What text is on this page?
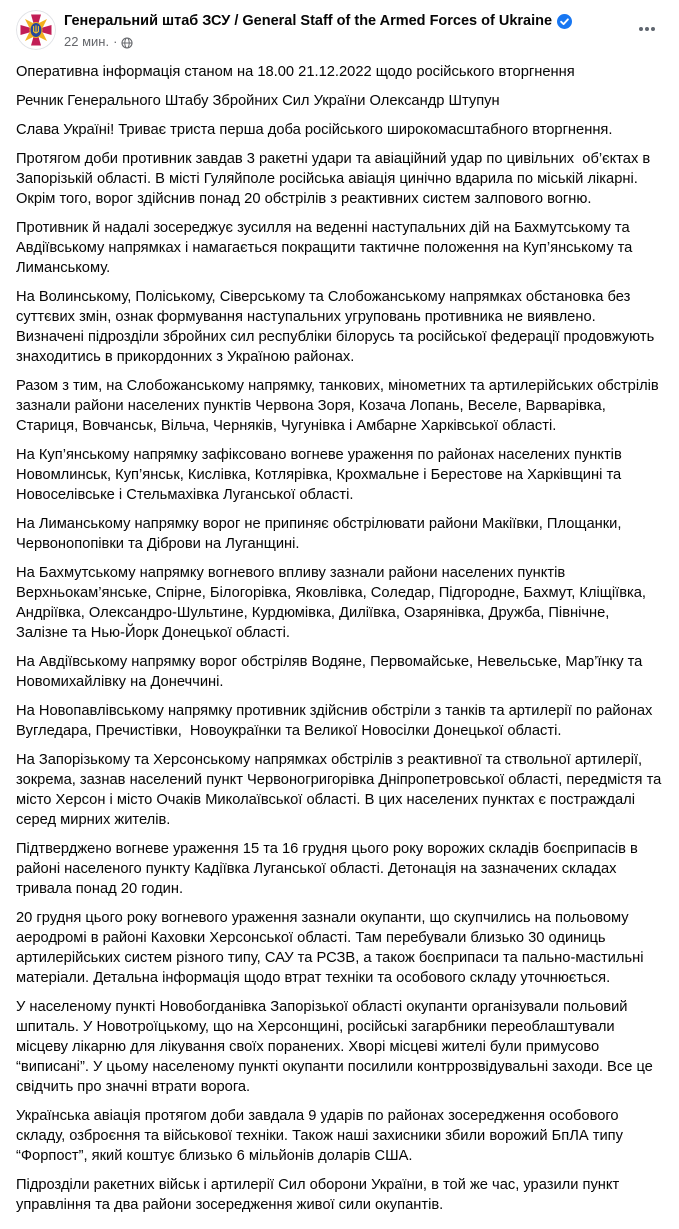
Генеральний штаб ЗСУ / General Staff of the Armed Forces of Ukraine
22 мин. ·

Оперативна інформація станом на 18.00 21.12.2022 щодо російського вторгнення

Речник Генерального Штабу Збройних Сил України Олександр Штупун

Слава Україні! Триває триста перша доба російського широкомасштабного вторгнення.

Протягом доби противник завдав 3 ракетні удари та авіаційний удар по цивільних  об’єктах в Запорізькій області. В місті Гуляйполе російська авіація цинічно вдарила по міській лікарні. Окрім того, ворог здійснив понад 20 обстрілів з реактивних систем залпового вогню.

Противник й надалі зосереджує зусилля на веденні наступальних дій на Бахмутському та Авдіївському напрямках і намагається покращити тактичне положення на Куп’янському та Лиманському.

На Волинському, Поліському, Сіверському та Слобожанському напрямках обстановка без суттєвих змін, ознак формування наступальних угруповань противника не виявлено. Визначені підрозділи збройних сил республіки білорусь та російської федерації продовжують знаходитись в прикордонних з Україною районах.

Разом з тим, на Слобожанському напрямку, танкових, мінометних та артилерійських обстрілів зазнали райони населених пунктів Червона Зоря, Козача Лопань, Веселе, Варварівка, Стариця, Вовчанськ, Вільча, Черняків, Чугунівка і Амбарне Харківської області.

На Куп’янському напрямку зафіксовано вогневе ураження по районах населених пунктів Новомлинськ, Куп’янськ, Кислівка, Котлярівка, Крохмальне і Берестове на Харківщині та Новоселівське і Стельмахівка Луганської області.

На Лиманському напрямку ворог не припиняє обстрілювати райони Макіївки, Площанки, Червонопопівки та Діброви на Луганщині.

На Бахмутському напрямку вогневого впливу зазнали райони населених пунктів Верхньокам’янське, Спірне, Білогорівка, Яковлівка, Соледар, Підгородне, Бахмут, Кліщіївка, Андріївка, Олександро-Шультине, Курдюмівка, Диліївка, Озарянівка, Дружба, Північне, Залізне та Нью-Йорк Донецької області.

На Авдіївському напрямку ворог обстріляв Водяне, Первомайське, Невельське, Мар’їнку та Новомихайлівку на Донеччині.

На Новопавлівському напрямку противник здійснив обстріли з танків та артилерії по районах Вугледара, Пречистівки,  Новоукраїнки та Великої Новосілки Донецької області.

На Запорізькому та Херсонському напрямках обстрілів з реактивної та ствольної артилерії, зокрема, зазнав населений пункт Червоногригорівка Дніпропетровської області, передмістя та місто Херсон і місто Очаків Миколаївської області. В цих населених пунктах є постраждалі серед мирних жителів.

Підтверджено вогневе ураження 15 та 16 грудня цього року ворожих складів боєприпасів в районі населеного пункту Кадіївка Луганської області. Детонація на зазначених складах тривала понад 20 годин.

20 грудня цього року вогневого ураження зазнали окупанти, що скупчились на польовому аеродромі в районі Каховки Херсонської області. Там перебували близько 30 одиниць артилерійських систем різного типу, САУ та РСЗВ, а також боєприпаси та пально-мастильні матеріали. Детальна інформація щодо втрат техніки та особового складу уточнюється.

У населеному пункті Новобогданівка Запорізької області окупанти організували польовий шпиталь. У Новотроїцькому, що на Херсонщині, російські загарбники переоблаштували місцеву лікарню для лікування своїх поранених. Хворі місцеві жителі були примусово “виписані”. У цьому населеному пункті окупанти посилили контррозвідувальні заходи. Все це свідчить про значні втрати ворога.

Українська авіація протягом доби завдала 9 ударів по районах зосередження особового складу, озброєння та військової техніки. Також наші захисники збили ворожий БпЛА типу “Форпост”, який коштує близько 6 мільйонів доларів США.

Підрозділи ракетних військ і артилерії Сил оборони України, в той же час, уразили пункт управління та два райони зосередження живої сили окупантів.
